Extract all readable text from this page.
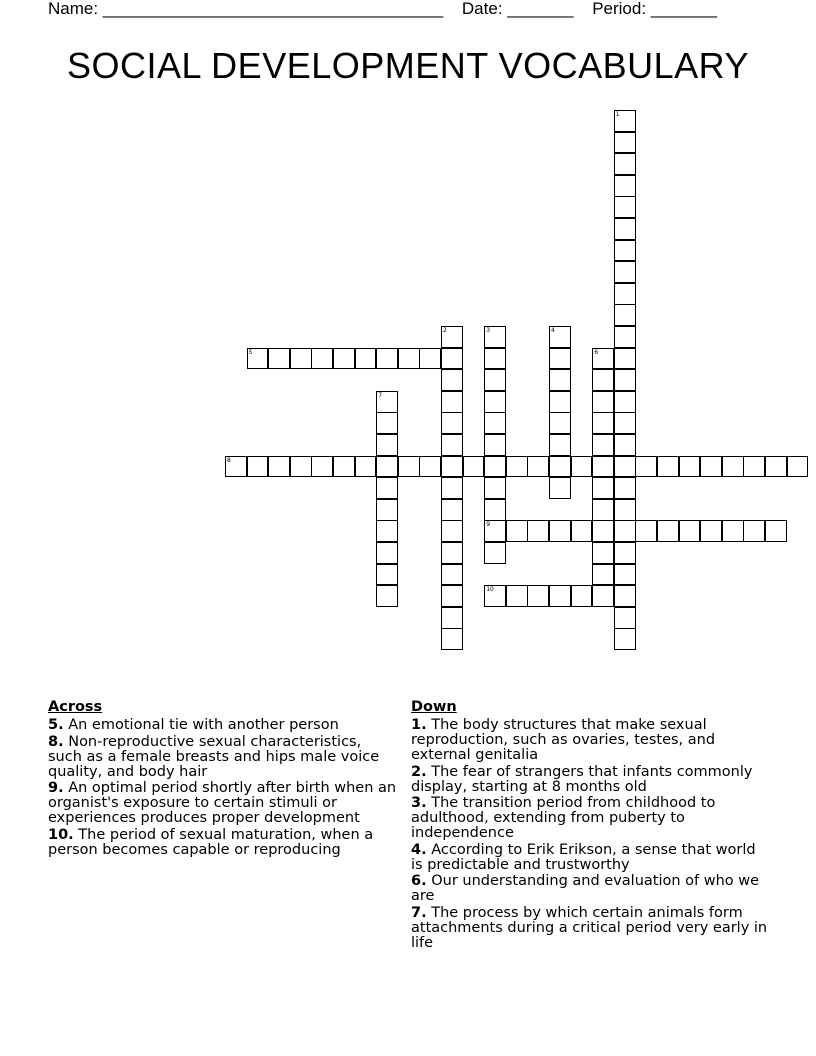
Name: ____________________________________ Date: _______ Period: _______
SOCIAL DEVELOPMENT VOCABULARY
1
2	3
9
4
5	6
7
8
10
Across
5. An emotional tie with another person
8. Non-reproductive sexual characteristics, such as a female breasts and hips male voice quality, and body hair
9. An optimal period shortly after birth when an organist's exposure to certain stimuli or experiences produces proper development
10. The period of sexual maturation, when a person becomes capable or reproducing
Down
1. The body structures that make sexual reproduction, such as ovaries, testes, and external genitalia
2. The fear of strangers that infants commonly display, starting at 8 months old
3. The transition period from childhood to adulthood, extending from puberty to independence
4. According to Erik Erikson, a sense that world is predictable and trustworthy
6. Our understanding and evaluation of who we are
7. The process by which certain animals form attachments during a critical period very early in life
